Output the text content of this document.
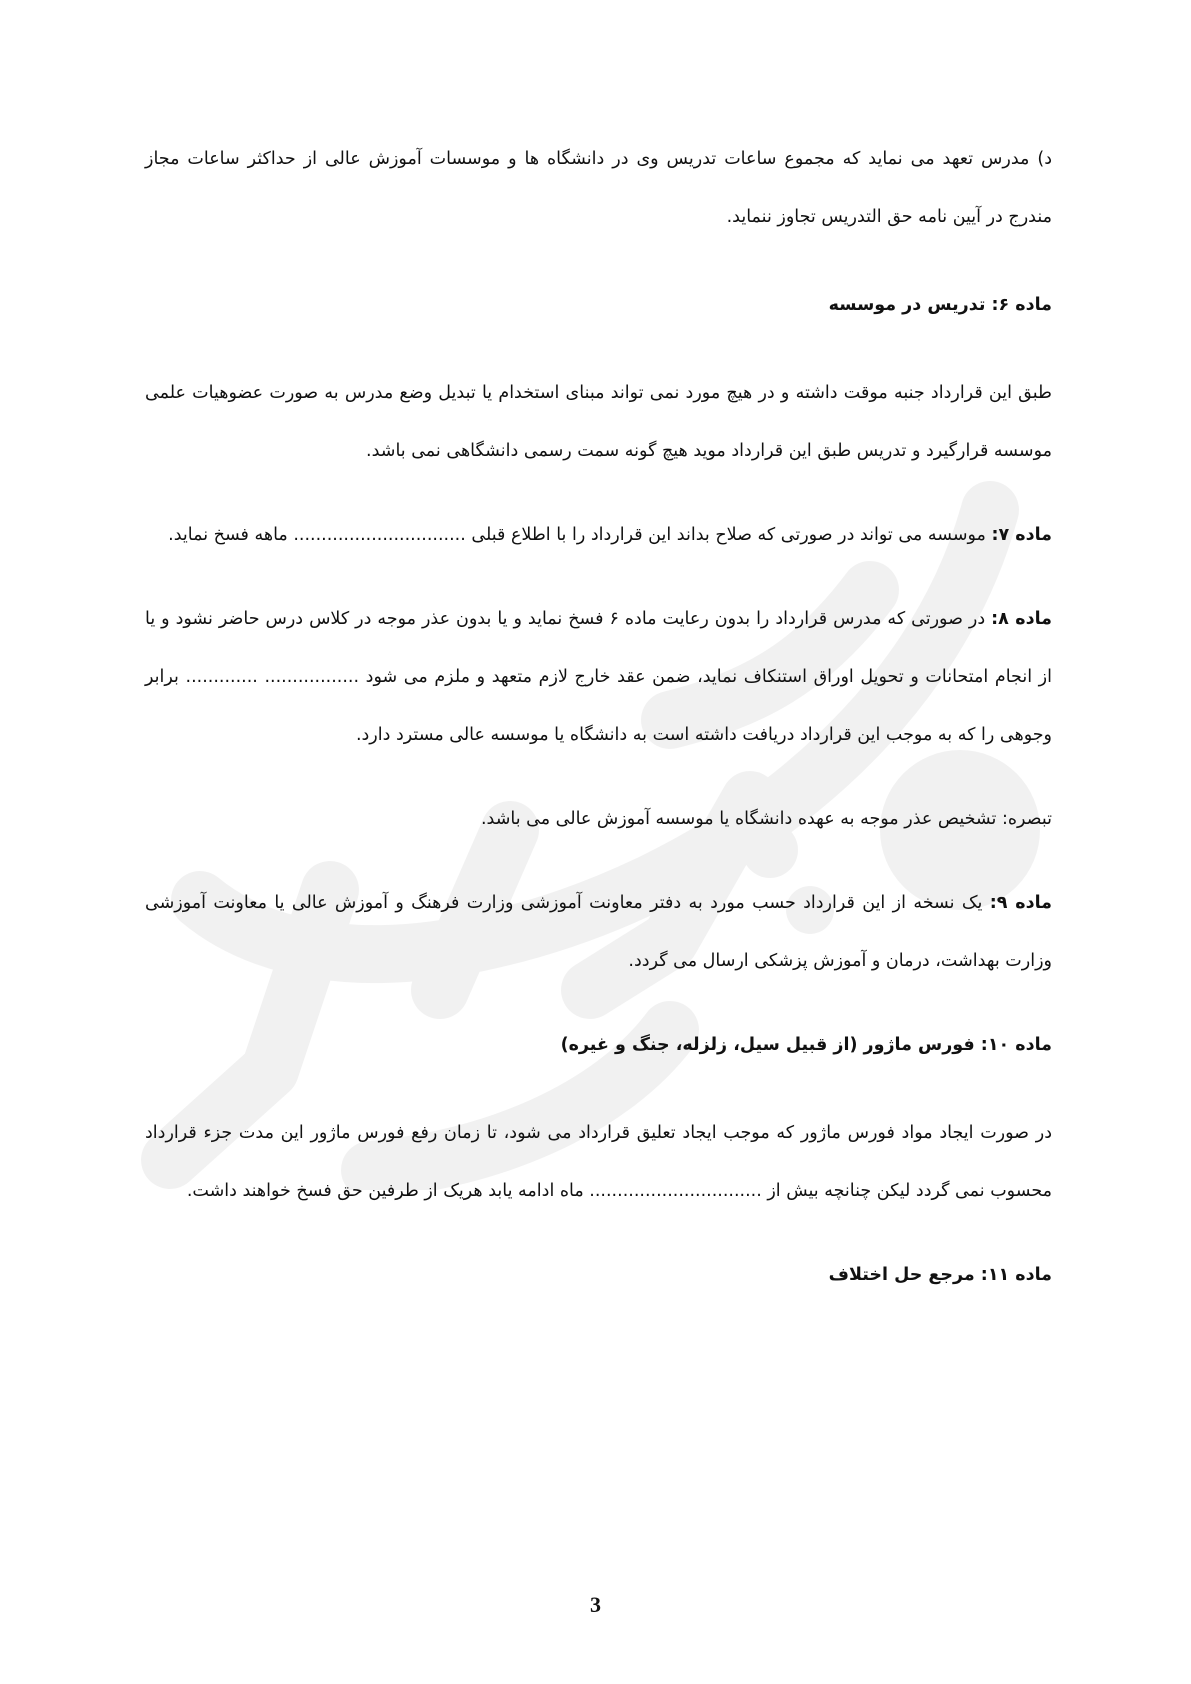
د) مدرس تعهد می نماید که مجموع ساعات تدریس وی در دانشگاه ها و موسسات آموزش عالی از حداکثر ساعات مجاز مندرج در آیین نامه حق التدریس تجاوز ننماید.

ماده ۶: تدریس در موسسه

طبق این قرارداد جنبه موقت داشته و در هیچ مورد نمی تواند مبنای استخدام یا تبدیل وضع مدرس به صورت عضوهیات علمی موسسه قرارگیرد و تدریس طبق این قرارداد موید هیچ گونه سمت رسمی دانشگاهی نمی باشد.

ماده ۷: موسسه می تواند در صورتی که صلاح بداند این قرارداد را با اطلاع قبلی ............................... ماهه فسخ نماید.

ماده ۸: در صورتی که مدرس قرارداد را بدون رعایت ماده ۶ فسخ نماید و یا بدون عذر موجه در کلاس درس حاضر نشود و یا از انجام امتحانات و تحویل اوراق استنکاف نماید، ضمن عقد خارج لازم متعهد و ملزم می شود ................. ............. برابر وجوهی را که به موجب این قرارداد دریافت داشته است به دانشگاه یا موسسه عالی مسترد دارد.

تبصره: تشخیص عذر موجه به عهده دانشگاه یا موسسه آموزش عالی می باشد.

ماده ۹: یک نسخه از این قرارداد حسب مورد به دفتر معاونت آموزشی وزارت فرهنگ و آموزش عالی یا معاونت آموزشی وزارت بهداشت، درمان و آموزش پزشکی ارسال می گردد.

ماده ۱۰: فورس ماژور (از قبیل سیل، زلزله، جنگ و غیره)

در صورت ایجاد مواد فورس ماژور که موجب ایجاد تعلیق قرارداد می شود، تا زمان رفع فورس ماژور این مدت جزء قرارداد محسوب نمی گردد لیکن چنانچه بیش از ............................... ماه ادامه یابد هریک از طرفین حق فسخ خواهند داشت.

ماده ۱۱: مرجع حل اختلاف

3
